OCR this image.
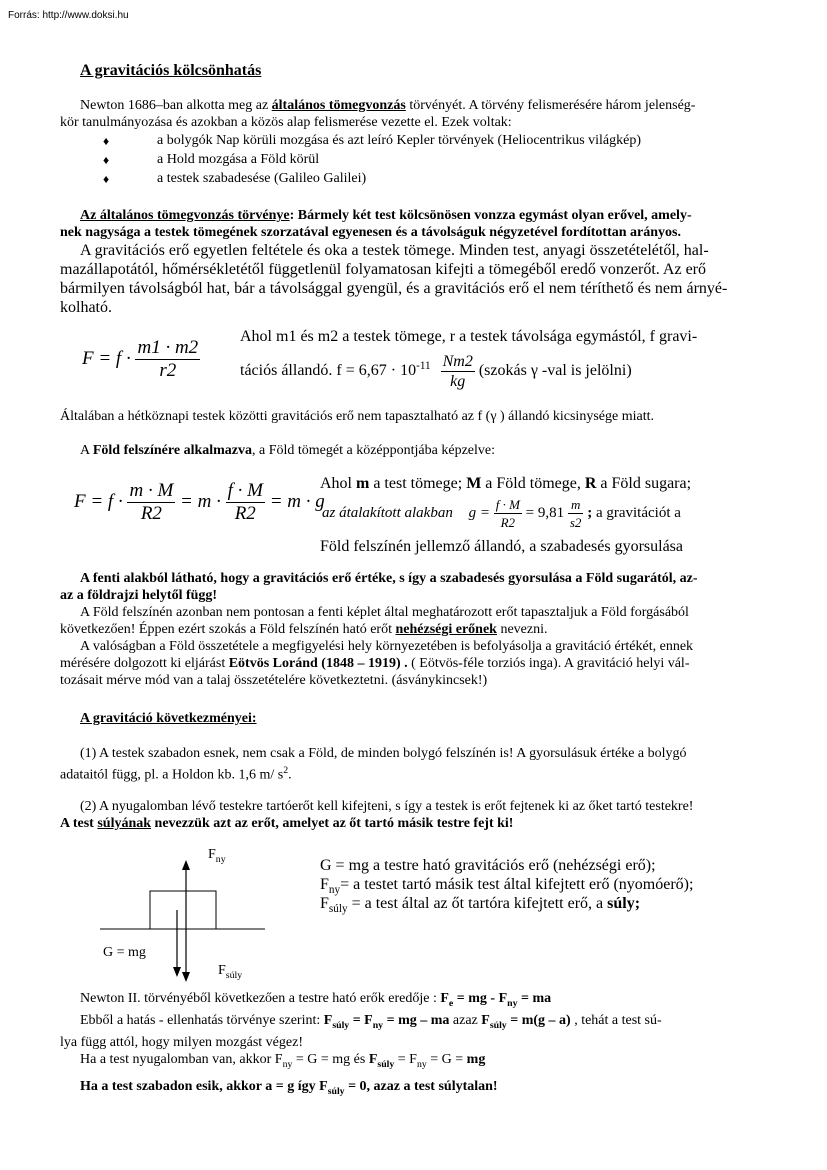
Forrás: http://www.doksi.hu
A gravitációs kölcsönhatás
Newton 1686–ban alkotta meg az általános tömegvonzás törvényét. A törvény felismerésére három jelenség-
kör tanulmányozása és azokban a közös alap felismerése vezette el. Ezek voltak:
♦	a bolygók Nap körüli mozgása és azt leíró Kepler törvények (Heliocentrikus világkép)
♦	a Hold mozgása a Föld körül
♦	a testek szabadesése (Galileo Galilei)
Az általános tömegvonzás törvénye: Bármely két test kölcsönösen vonzza egymást olyan erővel, amely-
nek nagysága a testek tömegének szorzatával egyenesen és a távolságuk négyzetével fordítottan arányos.
A gravitációs erő egyetlen feltétele és oka a testek tömege. Minden test, anyagi összetételétől, hal-
mazállapotától, hőmérsékletétől függetlenül folyamatosan kifejti a tömegéből eredő vonzerőt. Az erő
bármilyen távolságból hat, bár a távolsággal gyengül, és a gravitációs erő el nem téríthető és nem árnyé-
kolható.
$F = f \cdot \frac{m1 \cdot m2}{r2}$
Ahol m1 és m2 a testek tömege, r a testek távolsága egymástól, f gravi-
tációs állandó. $f = 6,67 \cdot 10^{-11} \frac{Nm2}{kg}$ (szokás γ -val is jelölni)
Általában a hétköznapi testek közötti gravitációs erő nem tapasztalható az f (γ ) állandó kicsinysége miatt.
A Föld felszínére alkalmazva, a Föld tömegét a középpontjába képzelve:
$F = f \cdot \frac{m \cdot M}{R2} = m \cdot \frac{f \cdot M}{R2} = m \cdot g$
Ahol m a test tömege; M a Föld tömege, R a Föld sugara;
az átalakított alakban $g = \frac{f \cdot M}{R2} = 9,81 \frac{m}{s2}$ ; a gravitációt a
Föld felszínén jellemző állandó, a szabadesés gyorsulása
A fenti alakból látható, hogy a gravitációs erő értéke, s így a szabadesés gyorsulása a Föld sugarától, az-
az a földrajzi helytől függ!
A Föld felszínén azonban nem pontosan a fenti képlet által meghatározott erőt tapasztaljuk a Föld forgásából
következően! Éppen ezért szokás a Föld felszínén ható erőt nehézségi erőnek nevezni.
A valóságban a Föld összetétele a megfigyelési hely környezetében is befolyásolja a gravitáció értékét, ennek
mérésére dolgozott ki eljárást Eötvös Loránd (1848 – 1919) . ( Eötvös-féle torziós inga). A gravitáció helyi vál-
tozásait mérve mód van a talaj összetételére következtetni. (ásványkincsek!)
A gravitáció következményei:
(1) A testek szabadon esnek, nem csak a Föld, de minden bolygó felszínén is! A gyorsulásuk értéke a bolygó
adataitól függ, pl. a Holdon kb. 1,6 m/ $s^2$.
(2) A nyugalomban lévő testekre tartóerőt kell kifejteni, s így a testek is erőt fejtenek ki az őket tartó testekre!
A test súlyának nevezzük azt az erőt, amelyet az őt tartó másik testre fejt ki!
$F_{ny}$
G = mg
$F_{súly}$
G = mg a testre ható gravitációs erő (nehézségi erő);
$F_{ny}= a$ testet tartó másik test által kifejtett erő (nyomóerő);
$F_{súly} = a$ test által az őt tartóra kifejtett erő, a súly;
Newton II. törvényéből következően a testre ható erők eredője : $F_e$ = mg - $F_{ny}$ = ma
Ebből a hatás - ellenhatás törvénye szerint: $F_{súly} = F_{ny}$ = mg – ma azaz $F_{súly} = m(g - a)$ , tehát a test sú-
lya függ attól, hogy milyen mozgást végez!
Ha a test nyugalomban van, akkor $F_{ny} = G$ = mg és $F_{súly} = F_{ny} = G$ = mg
Ha a test szabadon esik, akkor a = g így $F_{súly} = 0$, azaz a test súlytalan!
